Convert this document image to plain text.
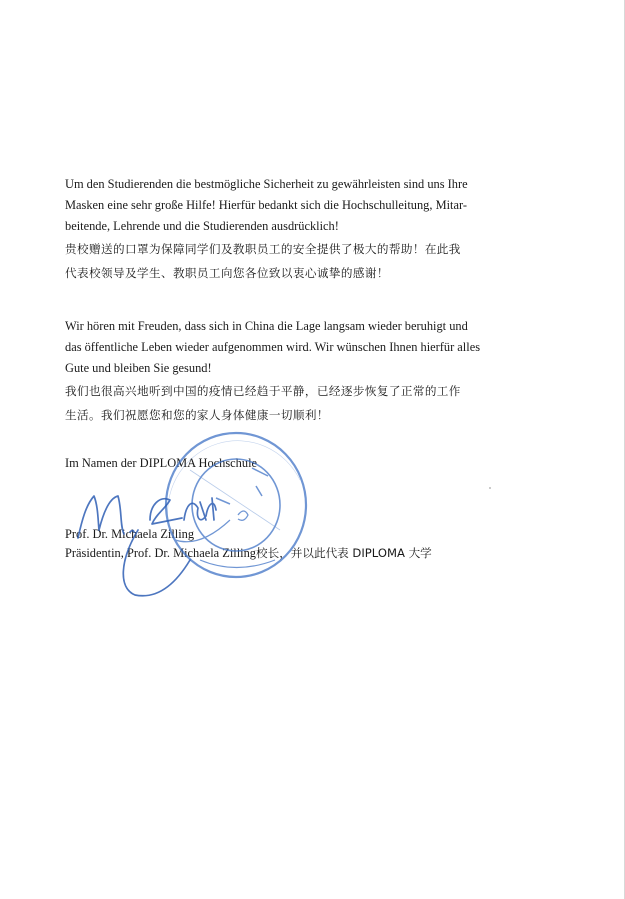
Um den Studierenden die bestmögliche Sicherheit zu gewährleisten sind uns Ihre
Masken eine sehr große Hilfe! Hierfür bedankt sich die Hochschulleitung, Mitar-
beitende, Lehrende und die Studierenden ausdrücklich!
贵校赠送的口罩为保障同学们及教职员工的安全提供了极大的帮助！在此我
代表校领导及学生、教职员工向您各位致以衷心诚挚的感谢！
Wir hören mit Freuden, dass sich in China die Lage langsam wieder beruhigt und
das öffentliche Leben wieder aufgenommen wird. Wir wünschen Ihnen hierfür alles
Gute und bleiben Sie gesund!
我们也很高兴地听到中国的疫情已经趋于平静，已经逐步恢复了正常的工作
生活。我们祝愿您和您的家人身体健康一切顺利！
Im Namen der DIPLOMA Hochschule
Prof. Dr. Michaela Zilling
Präsidentin, Prof. Dr. Michaela Zilling校长，并以此代表 DIPLOMA 大学
